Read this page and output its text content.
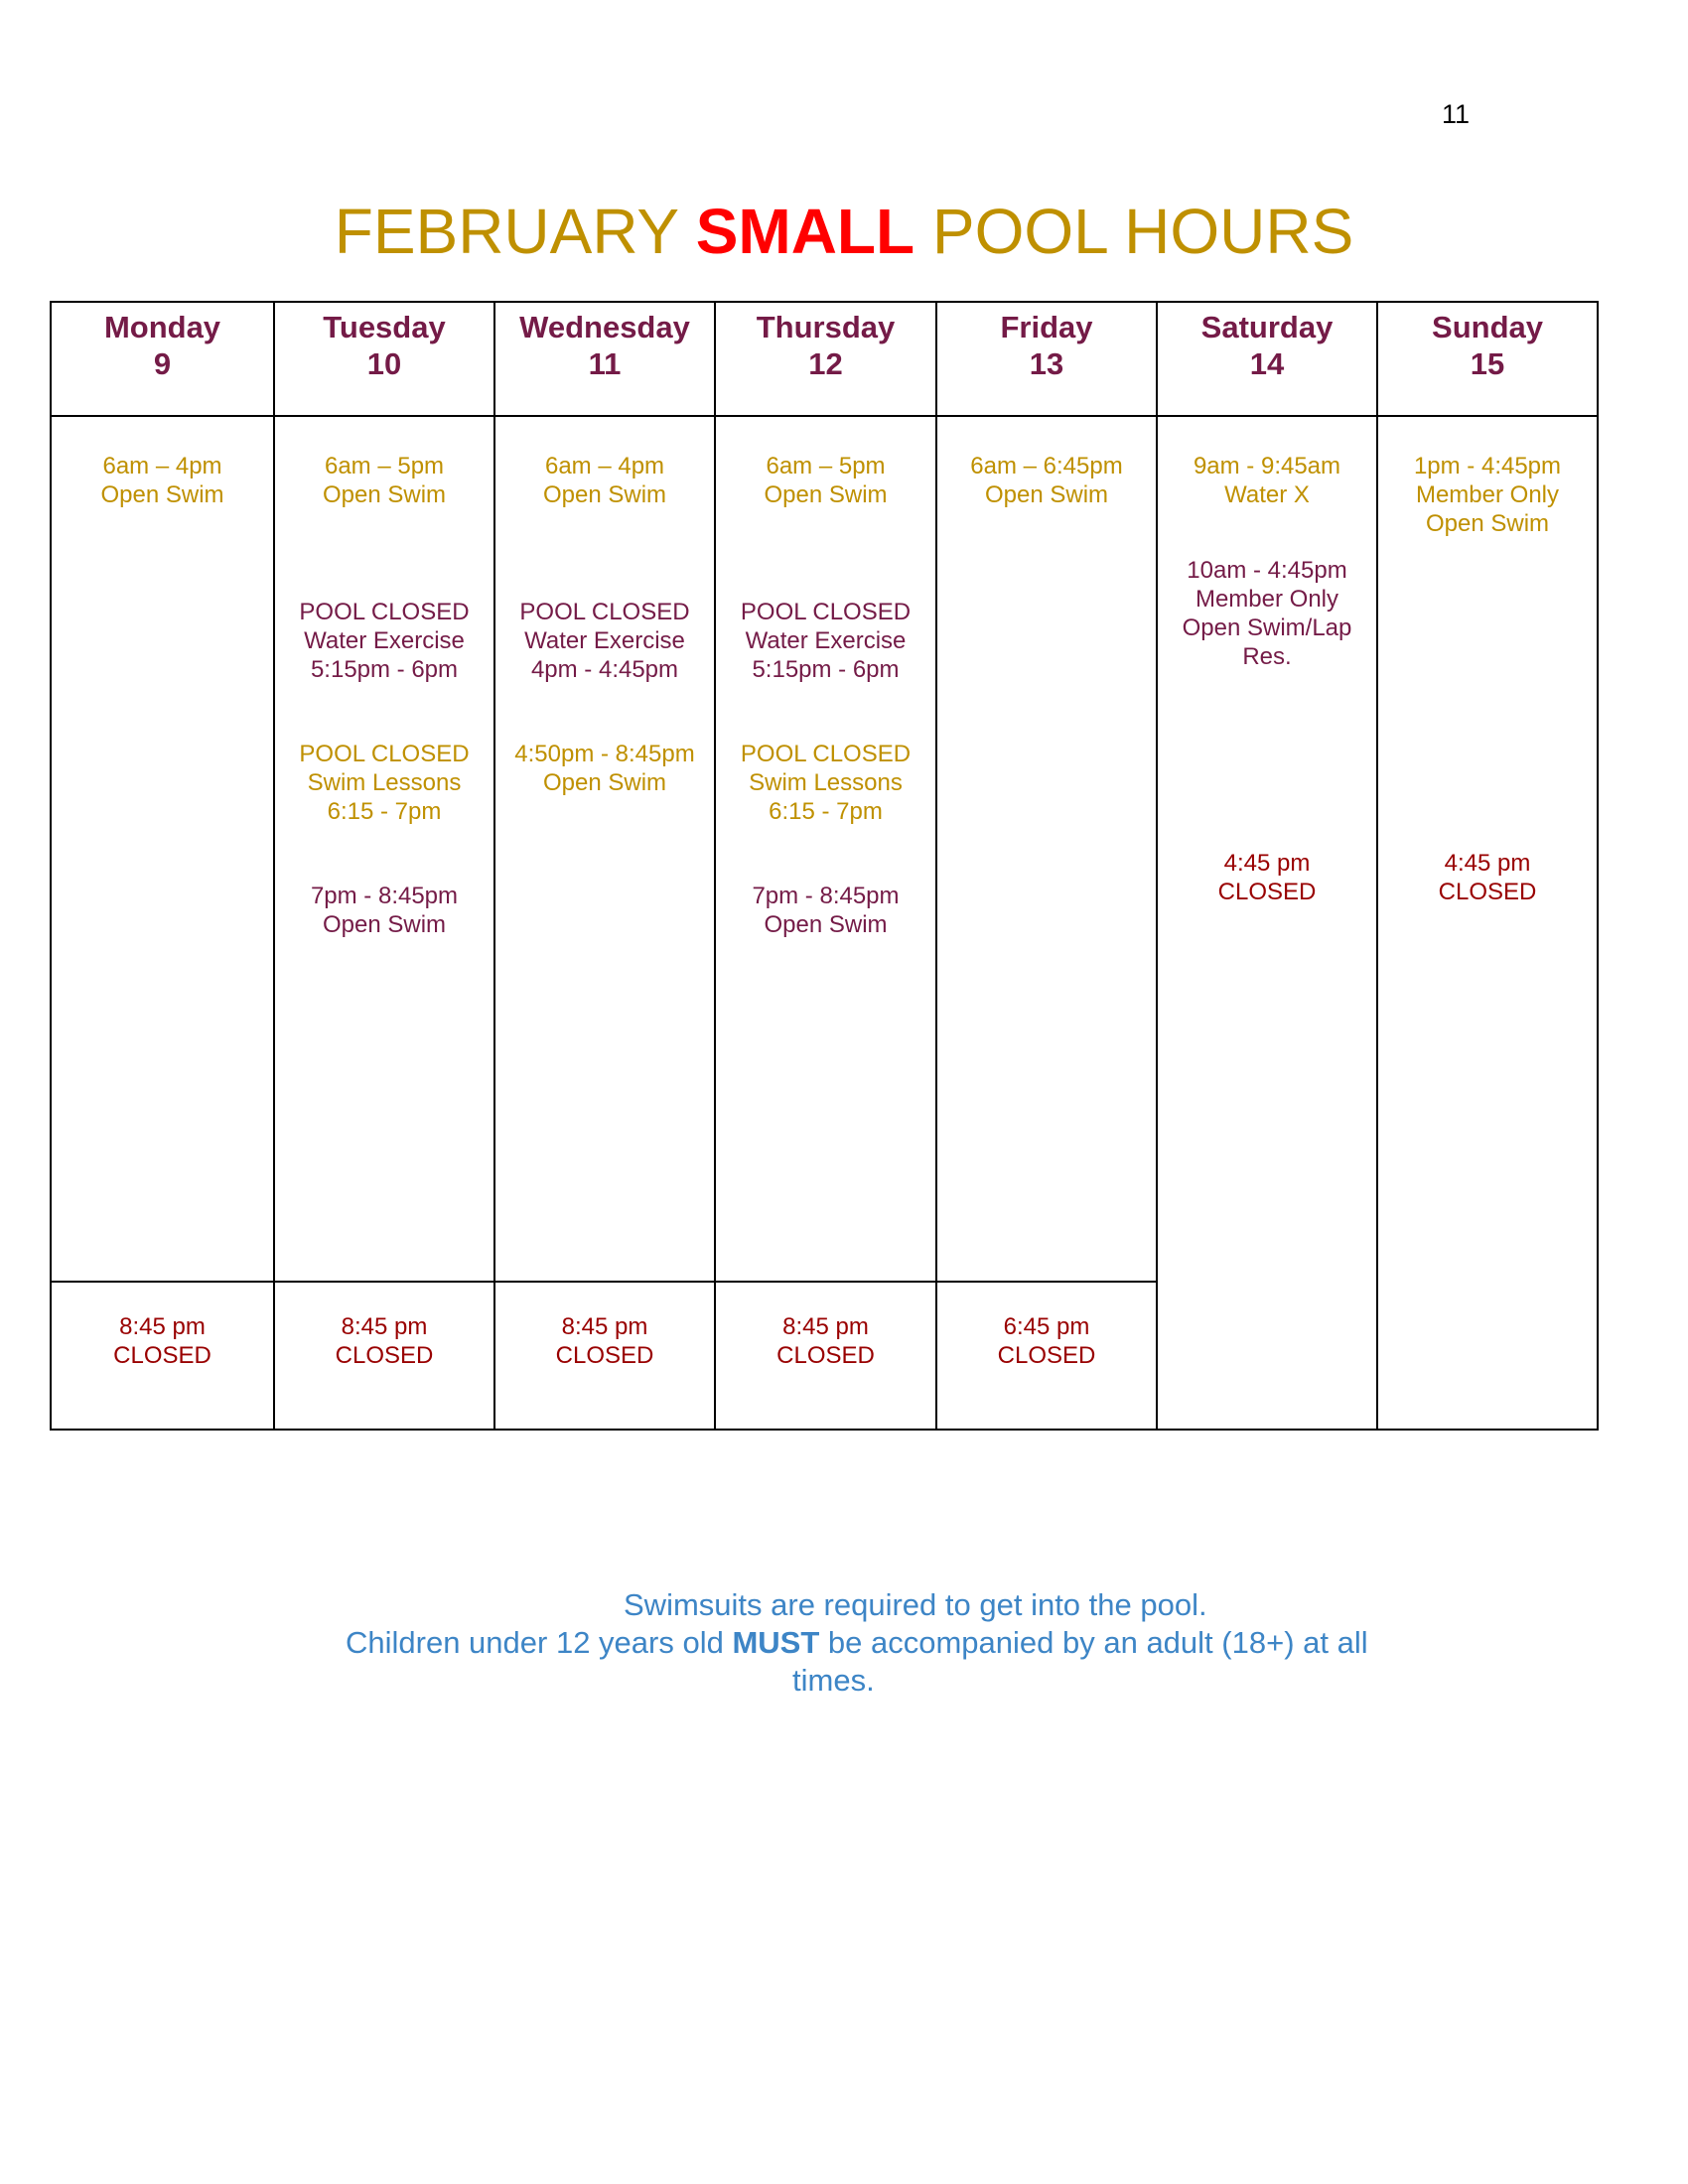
11
FEBRUARY SMALL POOL HOURS
Monday
9
Tuesday
10
Wednesday
11
Thursday
12
Friday
13
Saturday
14
Sunday
15
6am – 4pm
Open Swim
8:45 pm
CLOSED
6am – 5pm
Open Swim
POOL CLOSED
Water Exercise
5:15pm - 6pm
POOL CLOSED
Swim Lessons
6:15 - 7pm
7pm - 8:45pm
Open Swim
8:45 pm
CLOSED
6am – 4pm
Open Swim
POOL CLOSED
Water Exercise
4pm - 4:45pm
4:50pm - 8:45pm
Open Swim
8:45 pm
CLOSED
6am – 5pm
Open Swim
POOL CLOSED
Water Exercise
5:15pm - 6pm
POOL CLOSED
Swim Lessons
6:15 - 7pm
7pm - 8:45pm
Open Swim
8:45 pm
CLOSED
6am – 6:45pm
Open Swim
6:45 pm
CLOSED
9am - 9:45am
Water X
10am - 4:45pm
Member Only
Open Swim/Lap
Res.
4:45 pm
CLOSED
1pm - 4:45pm
Member Only
Open Swim
4:45 pm
CLOSED
Swimsuits are required to get into the pool.
Children under 12 years old MUST be accompanied by an adult (18+) at all
times.
